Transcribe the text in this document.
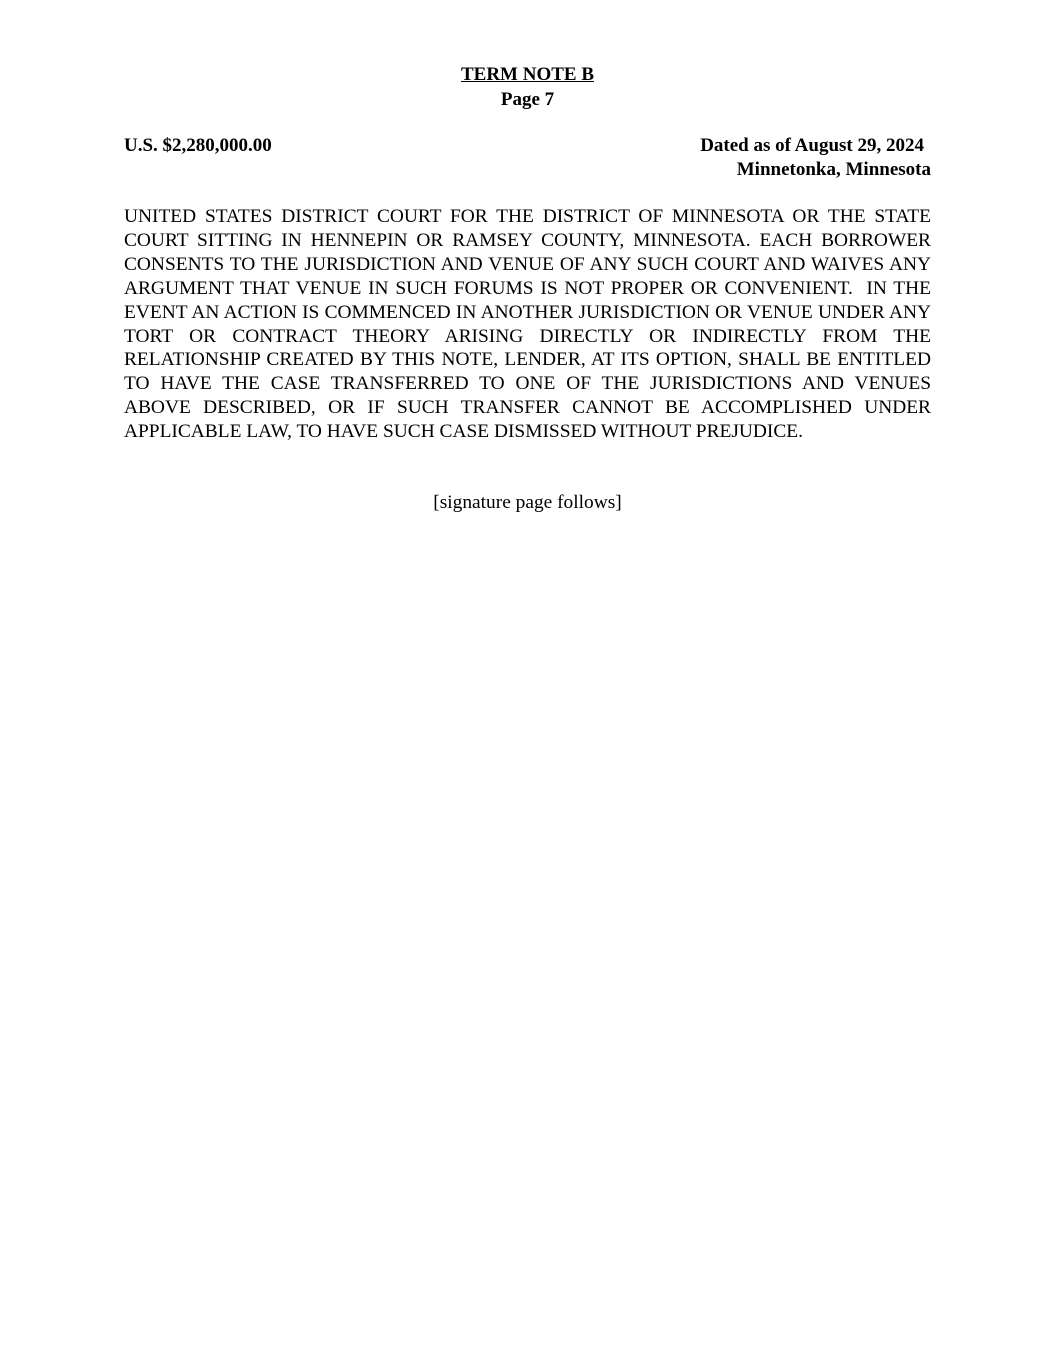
TERM NOTE B
Page 7
U.S. $2,280,000.00	Dated as of August 29, 2024
Minnetonka, Minnesota
UNITED STATES DISTRICT COURT FOR THE DISTRICT OF MINNESOTA OR THE STATE COURT SITTING IN HENNEPIN OR RAMSEY COUNTY, MINNESOTA. EACH BORROWER CONSENTS TO THE JURISDICTION AND VENUE OF ANY SUCH COURT AND WAIVES ANY ARGUMENT THAT VENUE IN SUCH FORUMS IS NOT PROPER OR CONVENIENT.  IN THE EVENT AN ACTION IS COMMENCED IN ANOTHER JURISDICTION OR VENUE UNDER ANY TORT OR CONTRACT THEORY ARISING DIRECTLY OR INDIRECTLY FROM THE RELATIONSHIP CREATED BY THIS NOTE, LENDER, AT ITS OPTION, SHALL BE ENTITLED TO HAVE THE CASE TRANSFERRED TO ONE OF THE JURISDICTIONS AND VENUES ABOVE DESCRIBED, OR IF SUCH TRANSFER CANNOT BE ACCOMPLISHED UNDER APPLICABLE LAW, TO HAVE SUCH CASE DISMISSED WITHOUT PREJUDICE.
[signature page follows]
